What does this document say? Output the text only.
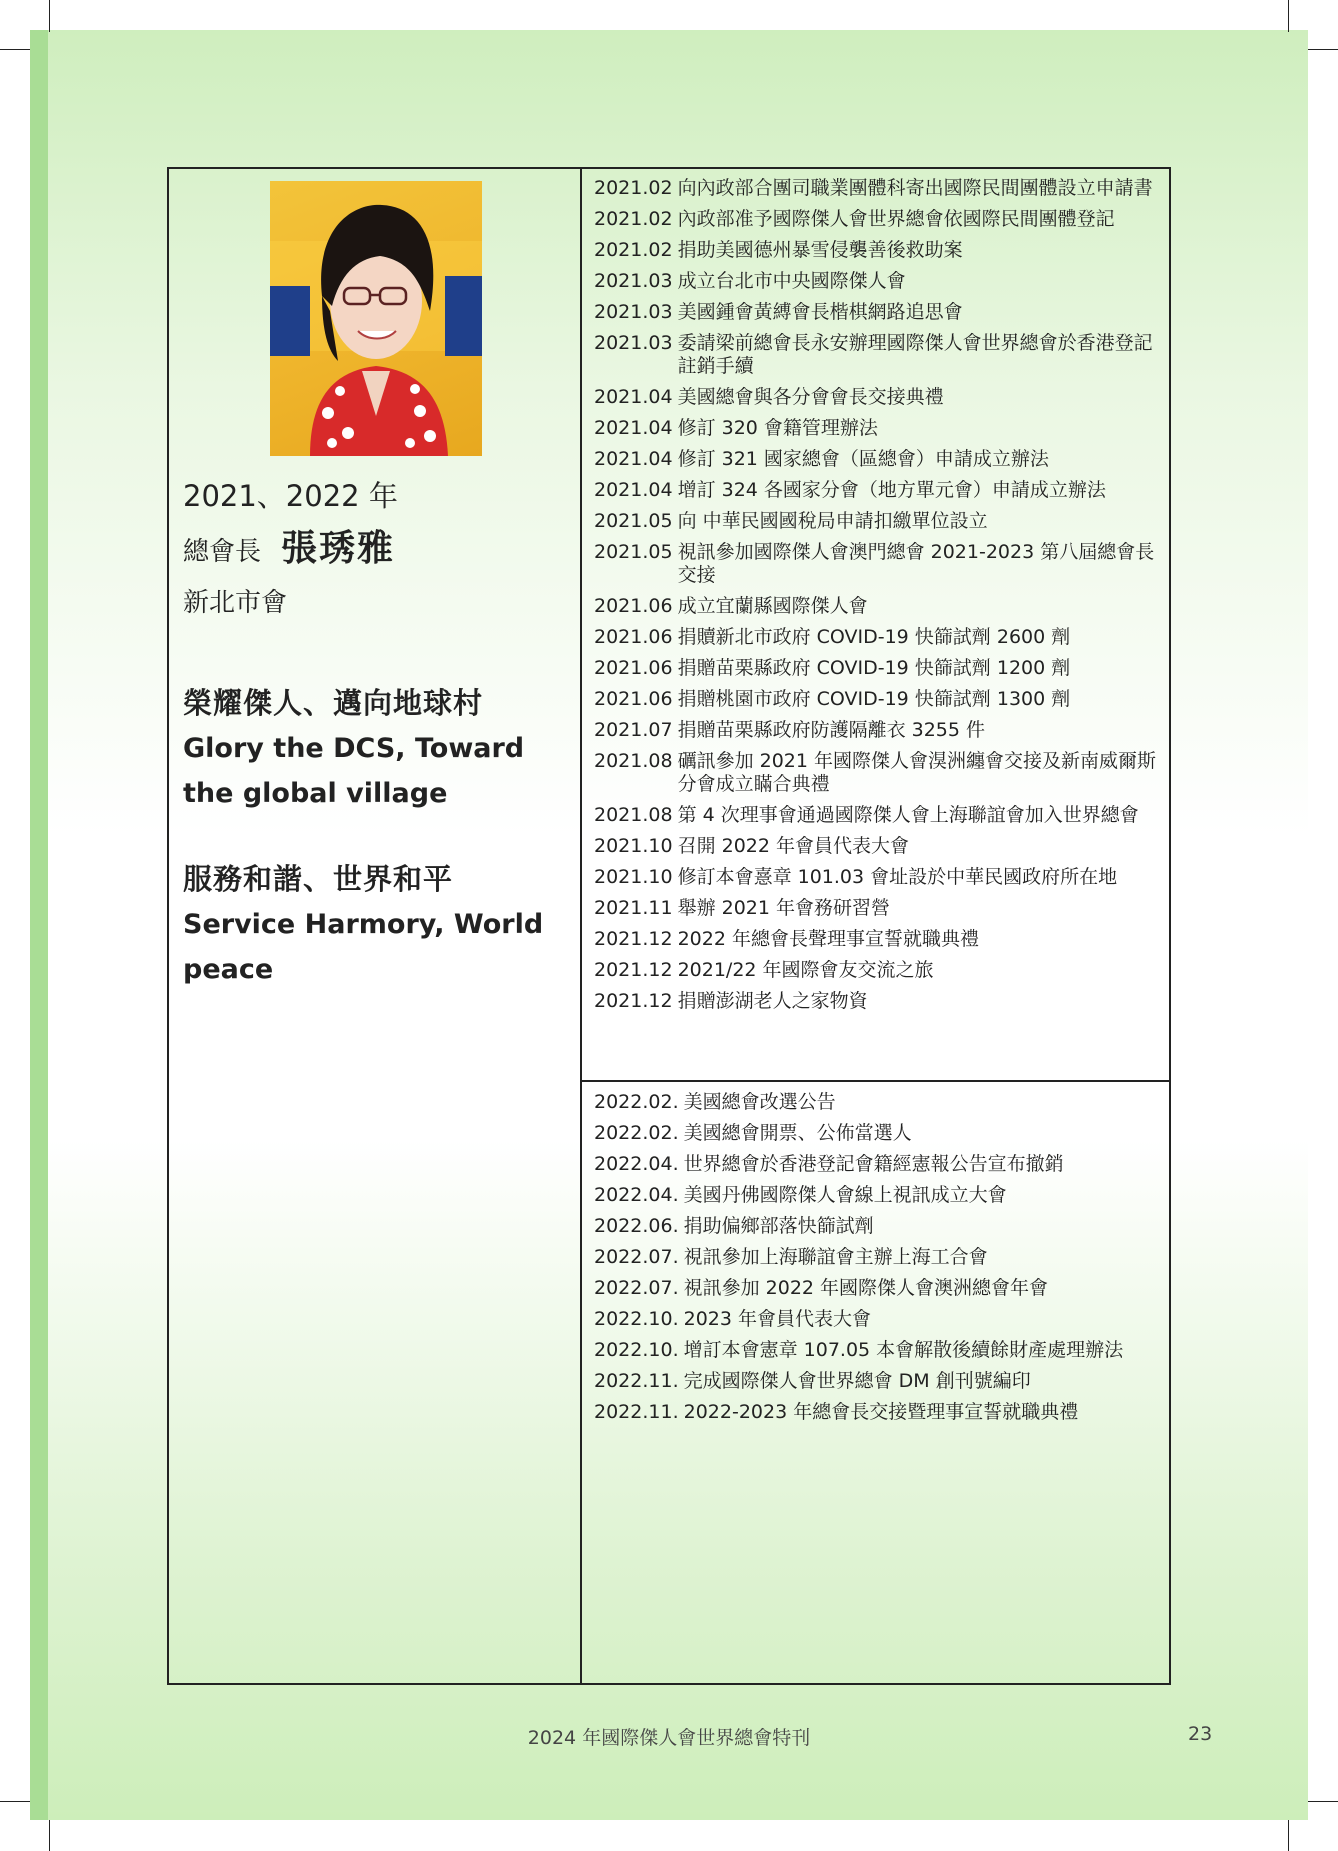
2021、2022 年
總會長 張琇雅
新北市會
榮耀傑人、邁向地球村
Glory the DCS, Toward the global village
服務和諧、世界和平
Service Harmory, World peace
2021.02 向內政部合團司職業團體科寄出國際民間團體設立申請書
2021.02 內政部准予國際傑人會世界總會依國際民間團體登記
2021.02 捐助美國德州暴雪侵襲善後救助案
2021.03 成立台北市中央國際傑人會
2021.03 美國鍾會黃縛會長楷棋網路追思會
2021.03 委請梁前總會長永安辦理國際傑人會世界總會於香港登記註銷手續
2021.04 美國總會與各分會會長交接典禮
2021.04 修訂 320 會籍管理辦法
2021.04 修訂 321 國家總會（區總會）申請成立辦法
2021.04 增訂 324 各國家分會（地方單元會）申請成立辦法
2021.05 向 中華民國國稅局申請扣繳單位設立
2021.05 視訊參加國際傑人會澳門總會 2021-2023 第八屆總會長交接
2021.06 成立宜蘭縣國際傑人會
2021.06 捐贖新北市政府 COVID-19 快篩試劑 2600 劑
2021.06 捐贈苗栗縣政府 COVID-19 快篩試劑 1200 劑
2021.06 捐贈桃園市政府 COVID-19 快篩試劑 1300 劑
2021.07 捐贈苗栗縣政府防護隔離衣 3255 件
2021.08 礪訊參加 2021 年國際傑人會湨洲纏會交接及新南威爾斯分會成立瞞合典禮
2021.08 第 4 次理事會通過國際傑人會上海聯誼會加入世界總會
2021.10 召開 2022 年會員代表大會
2021.10 修訂本會憙章 101.03 會址設於中華民國政府所在地
2021.11 舉辦 2021 年會務研習營
2021.12 2022 年總會長聲理事宣誓就職典禮
2021.12 2021/22 年國際會友交流之旅
2021.12 捐贈澎湖老人之家物資
2022.02. 美國總會改選公告
2022.02. 美國總會開票、公佈當選人
2022.04. 世界總會於香港登記會籍經憲報公告宣布撤銷
2022.04. 美國丹佛國際傑人會線上視訊成立大會
2022.06. 捐助偏鄉部落快篩試劑
2022.07. 視訊參加上海聯誼會主辦上海工合會
2022.07. 視訊參加 2022 年國際傑人會澳洲總會年會
2022.10. 2023 年會員代表大會
2022.10. 增訂本會憲章 107.05 本會解散後續餘財產處理辦法
2022.11. 完成國際傑人會世界總會 DM 創刊號編印
2022.11. 2022-2023 年總會長交接暨理事宣誓就職典禮
2024 年國際傑人會世界總會特刊	23
